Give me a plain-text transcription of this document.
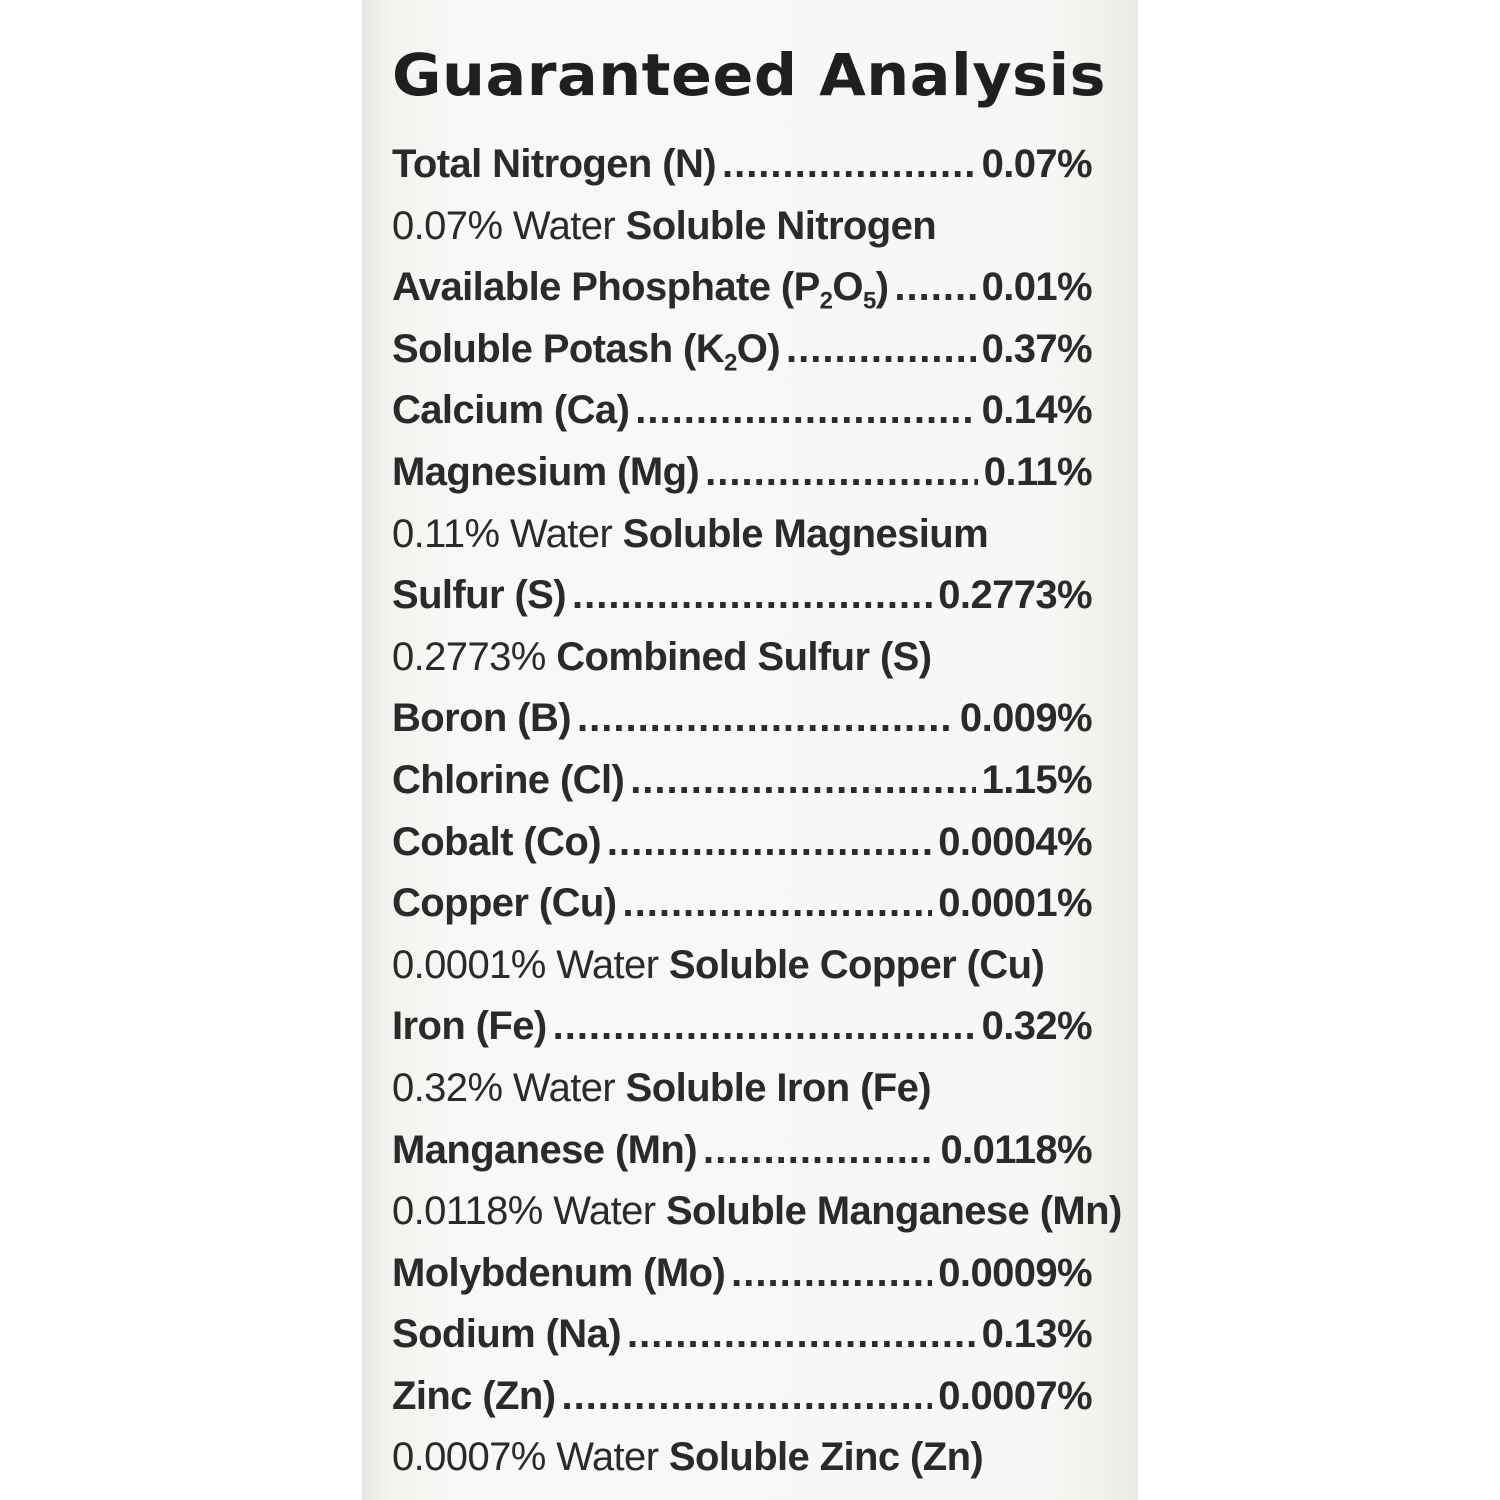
Guaranteed Analysis
Total Nitrogen (N) .....	0.07%
0.07% Water Soluble Nitrogen
Available Phosphate $(P_2O_5)$ ..... 0.01%
Soluble Potash $(K_2O)$ .....	0.37%
Calcium (Ca) .....	0.14%
Magnesium (Mg) .....	0.11%
0.11% Water Soluble Magnesium
Sulfur (S) .....	0.2773%
0.2773% Combined Sulfur (S)
Boron (B) .....	0.009%
Chlorine (Cl) .....	1.15%
Cobalt (Co) .....	0.0004%
Copper (Cu) .....	0.0001%
0.0001% Water Soluble Copper (Cu)
Iron (Fe) .....	0.32%
0.32% Water Soluble Iron (Fe)
Manganese (Mn) .....	0.0118%
0.0118% Water Soluble Manganese (Mn)
Molybdenum (Mo) .....	0.0009%
Sodium (Na) .....	0.13%
Zinc (Zn) .....	0.0007%
0.0007% Water Soluble Zinc (Zn)
